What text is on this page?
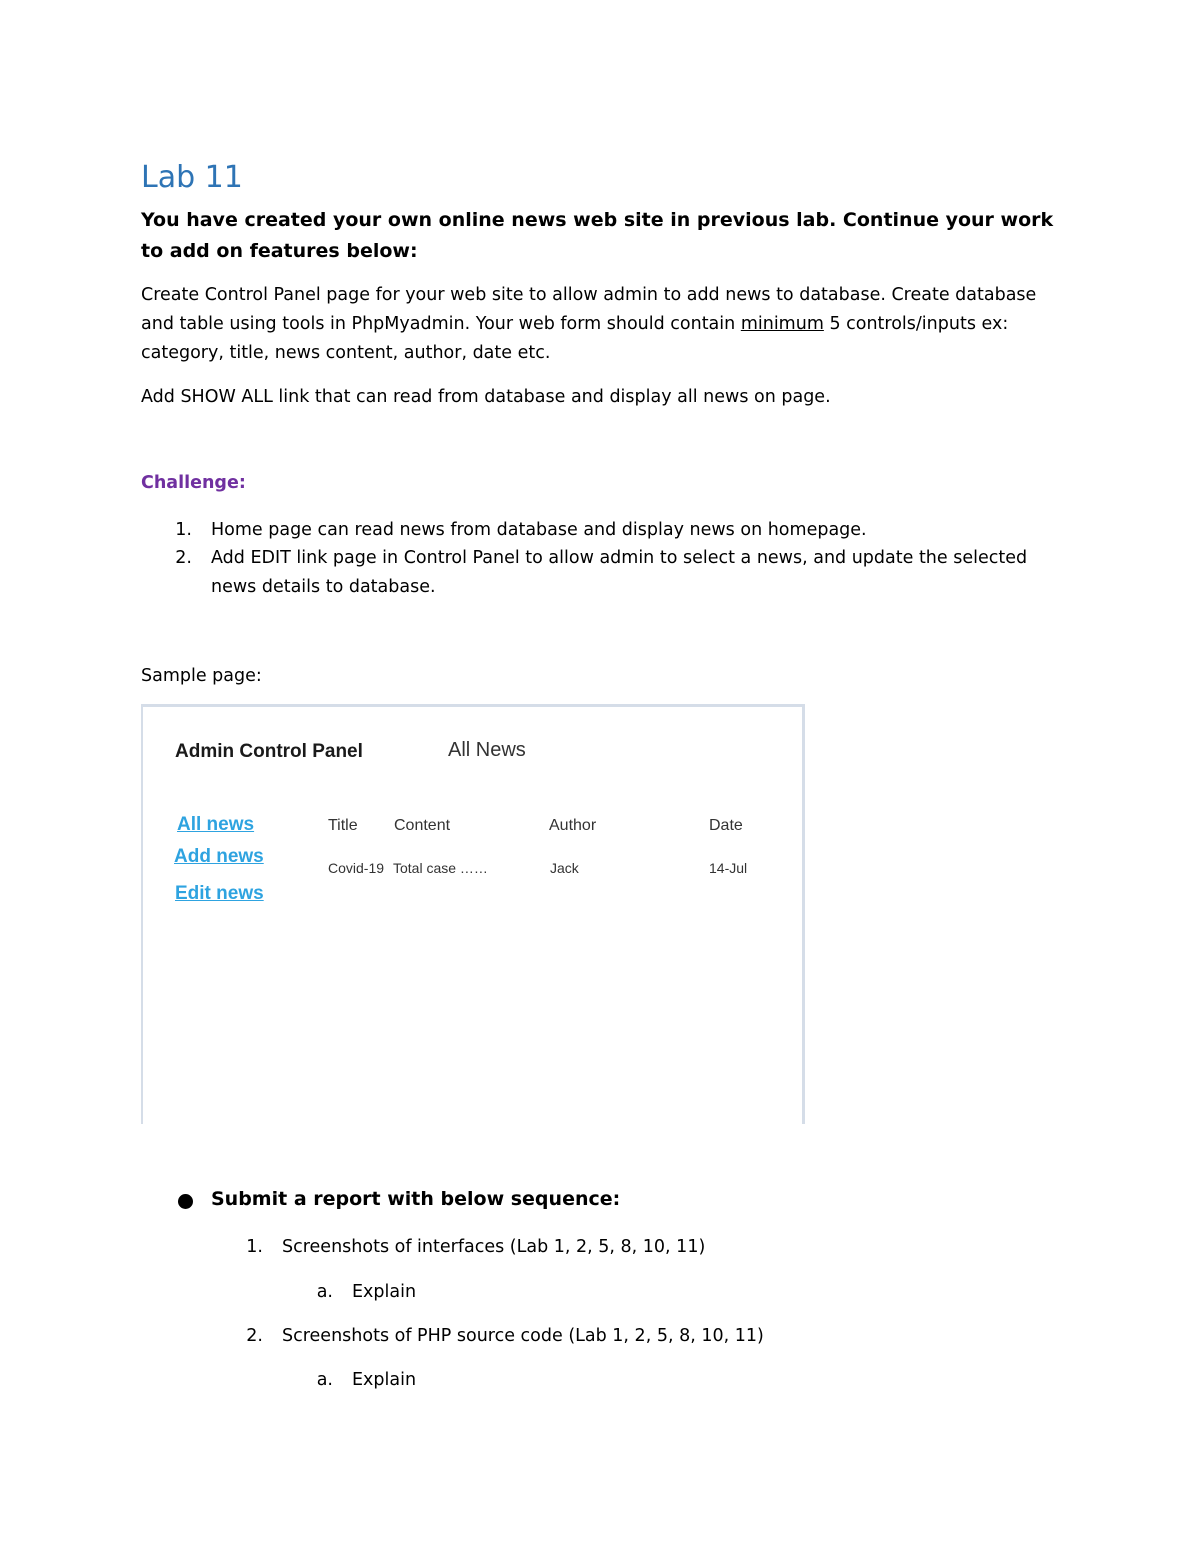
Lab 11
You have created your own online news web site in previous lab. Continue your work to add on features below:
Create Control Panel page for your web site to allow admin to add news to database. Create database and table using tools in PhpMyadmin. Your web form should contain minimum 5 controls/inputs ex: category, title, news content, author, date etc.
Add SHOW ALL link that can read from database and display all news on page.
Challenge:
1. Home page can read news from database and display news on homepage.
2. Add EDIT link page in Control Panel to allow admin to select a news, and update the selected news details to database.
Sample page:
Admin Control Panel	All News
All news
Add news
Edit news
Title Content	Author	Date
Covid-19 Total case ……	Jack	14-Jul
Submit a report with below sequence:
1. Screenshots of interfaces (Lab 1, 2, 5, 8, 10, 11)
a. Explain
2. Screenshots of PHP source code (Lab 1, 2, 5, 8, 10, 11)
a. Explain
